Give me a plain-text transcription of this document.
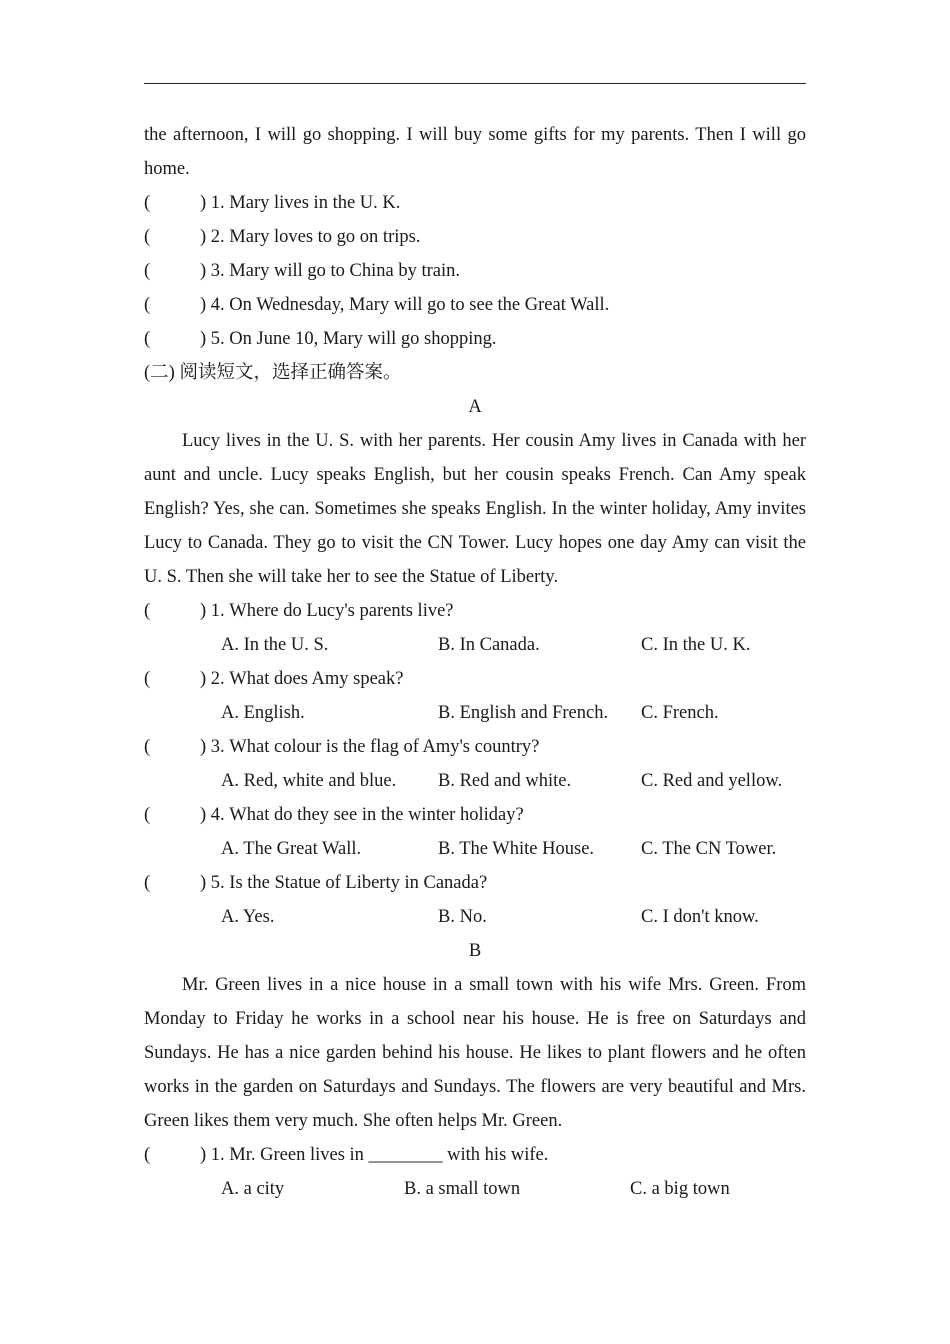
the afternoon, I will go shopping. I will buy some gifts for my parents. Then I will go home.

(	)
1.
Mary lives in the U. K.
(	)
2.
Mary loves to go on trips.
(	)
3.
Mary will go to China by train.
(	)
4.
On Wednesday, Mary will go to see the Great Wall.
(	)
5.
On June 10, Mary will go shopping.
(二) 阅读短文，选择正确答案。
A

Lucy lives in the U. S. with her parents. Her cousin Amy lives in Canada with her aunt and uncle. Lucy speaks English, but her cousin speaks French. Can Amy speak English? Yes, she can. Sometimes she speaks English. In the winter holiday, Amy invites Lucy to Canada. They go to visit the CN Tower. Lucy hopes one day Amy can visit the U. S. Then she will take her to see the Statue of Liberty.

(	)
1.
Where do Lucy's parents live?
A. In the U. S.	B. In Canada.	C. In the U. K.
(	)
2.
What does Amy speak?
A. English.	B. English and French.	C. French.
(	)
3.
What colour is the flag of Amy's country?
A. Red, white and blue.	B. Red and white.	C. Red and yellow.
(	)
4.
What do they see in the winter holiday?
A. The Great Wall.	B. The White House.	C. The CN Tower.
(	)
5.
Is the Statue of Liberty in Canada?
A. Yes.	B. No.	C. I don't know.
B

Mr. Green lives in a nice house in a small town with his wife Mrs. Green. From Monday to Friday he works in a school near his house. He is free on Saturdays and Sundays. He has a nice garden behind his house. He likes to plant flowers and he often works in the garden on Saturdays and Sundays. The flowers are very beautiful and Mrs. Green likes them very much. She often helps Mr. Green.

(	)
1.
Mr. Green lives in ________ with his wife.
A. a city	B. a small town	C. a big town
